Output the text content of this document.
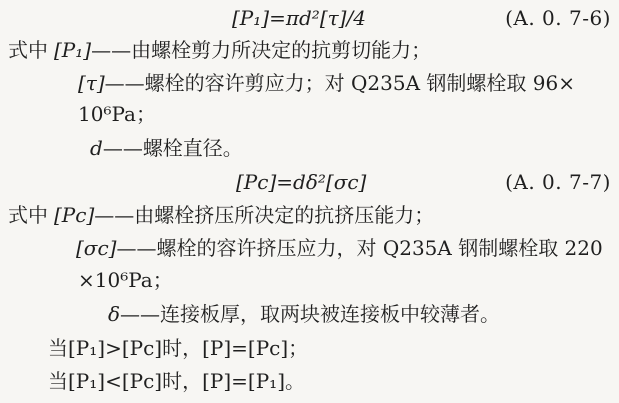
[P₁]=πd²[τ]/4	(A. 0. 7-6)
式中 [P₁]——由螺栓剪力所决定的抗剪切能力；
[τ]——螺栓的容许剪应力；对 Q235A 钢制螺栓取 96×
10⁶Pa；
d——螺栓直径。
[Pc]=dδ²[σc]	(A. 0. 7-7)
式中 [Pc]——由螺栓挤压所决定的抗挤压能力；
[σc]——螺栓的容许挤压应力，对 Q235A 钢制螺栓取 220
×10⁶Pa；
δ——连接板厚，取两块被连接板中较薄者。
当[P₁]>[Pc]时，[P]=[Pc]；
当[P₁]<[Pc]时，[P]=[P₁]。
